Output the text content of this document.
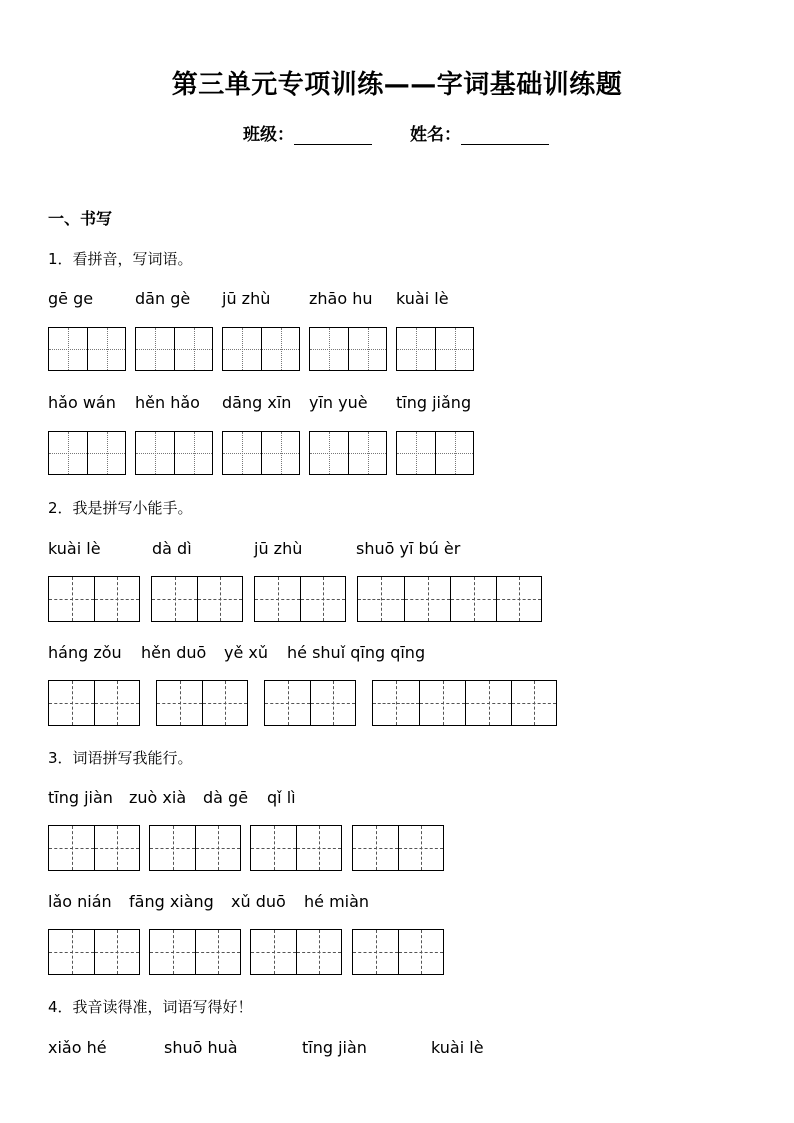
第三单元专项训练——字词基础训练题
班级：	姓名：
一、书写
1．看拼音，写词语。
gē ge	dān gè jū zhù zhāo hu kuài lè
hǎo wán hěn hǎo dāng xīn yīn yuè tīng jiǎng
2．我是拼写小能手。
kuài lè	dà dì	jū zhù	shuō yī bú èr
háng zǒu hěn duō yě xǔ hé shuǐ qīng qīng
3．词语拼写我能行。
tīng jiàn zuò xià dà gē qǐ lì
lǎo nián fāng xiàng xǔ duō hé miàn
4．我音读得准，词语写得好！
xiǎo hé	shuō huà	tīng jiàn	kuài lè
